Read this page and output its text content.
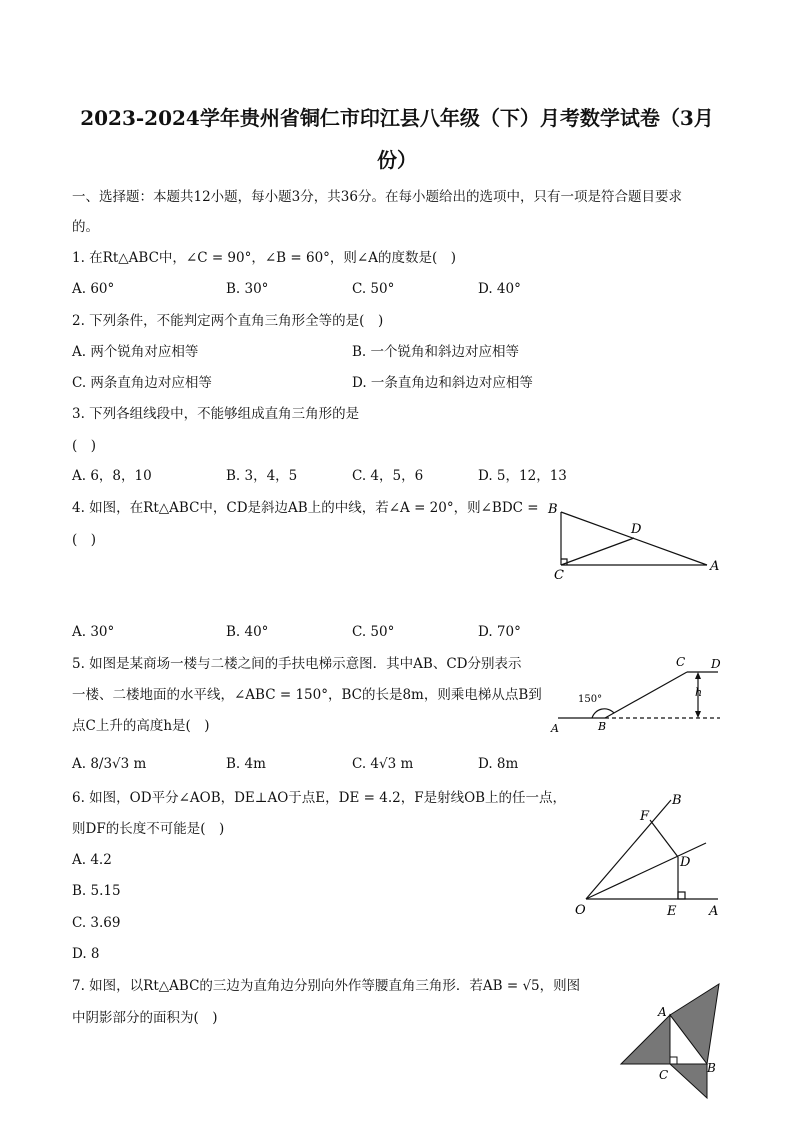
2023-2024学年贵州省铜仁市印江县八年级（下）月考数学试卷（3月
份）
一、选择题：本题共12小题，每小题3分，共36分。在每小题给出的选项中，只有一项是符合题目要求
的。
1. 在Rt△ABC中，∠C = 90°，∠B = 60°，则∠A的度数是(　)
A. 60°	B. 30°	C. 50°	D. 40°
2. 下列条件，不能判定两个直角三角形全等的是(　)
A. 两个锐角对应相等	B. 一个锐角和斜边对应相等
C. 两条直角边对应相等	D. 一条直角边和斜边对应相等
3. 下列各组线段中，不能够组成直角三角形的是
(　)
A. 6，8，10	B. 3，4，5	C. 4，5，6	D. 5，12，13
4. 如图，在Rt△ABC中，CD是斜边AB上的中线，若∠A = 20°，则∠BDC =
(　)
B
D
C
A
A. 30°	B. 40°	C. 50°	D. 70°
5. 如图是某商场一楼与二楼之间的手扶电梯示意图．其中AB、CD分别表示
一楼、二楼地面的水平线，∠ABC = 150°，BC的长是8m，则乘电梯从点B到
点C上升的高度h是(　)
C D
h
150°
A	B
A. 8/3√3 m	B. 4m	C. 4√3 m	D. 8m
6. 如图，OD平分∠AOB，DE⊥AO于点E，DE = 4.2，F是射线OB上的任一点，
则DF的长度不可能是(　)
B
F
D
O	E	A
A. 4.2
B. 5.15
C. 3.69
D. 8
7. 如图，以Rt△ABC的三边为直角边分别向外作等腰直角三角形．若AB = √5，则图
中阴影部分的面积为(　)	A
C	B
